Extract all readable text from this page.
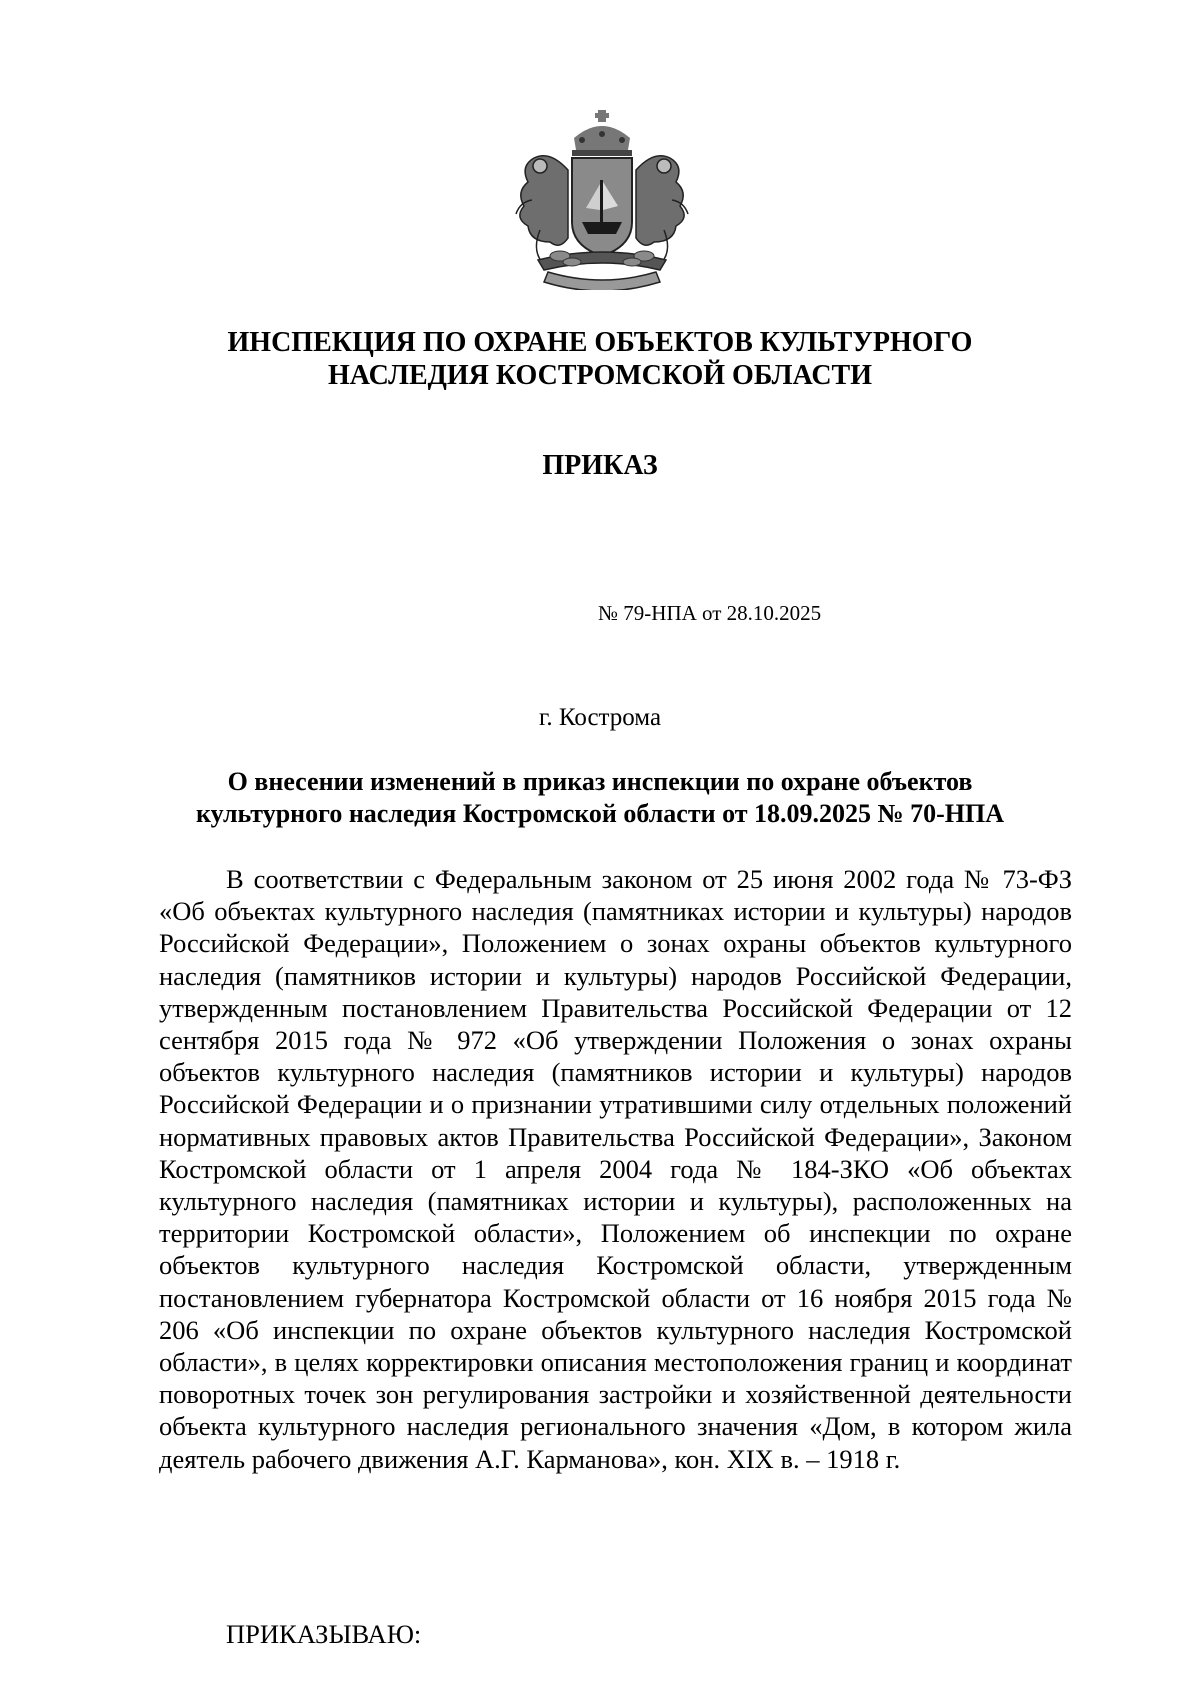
ИНСПЕКЦИЯ ПО ОХРАНЕ ОБЪЕКТОВ КУЛЬТУРНОГО
НАСЛЕДИЯ КОСТРОМСКОЙ ОБЛАСТИ
ПРИКАЗ

№ 79-НПА от 28.10.2025

г. Кострома

О внесении изменений в приказ инспекции по охране объектов
культурного наследия Костромской области от 18.09.2025 № 70-НПА

В соответствии с Федеральным законом от 25 июня 2002 года № 73-ФЗ «Об объектах культурного наследия (памятниках истории и культуры) народов Российской Федерации», Положением о зонах охраны объектов культурного наследия (памятников истории и культуры) народов Российской Федерации, утвержденным постановлением Правительства Российской Федерации от 12 сентября 2015 года № 972 «Об утверждении Положения о зонах охраны объектов культурного наследия (памятников истории и культуры) народов Российской Федерации и о признании утратившими силу отдельных положений нормативных правовых актов Правительства Российской Федерации», Законом Костромской области от 1 апреля 2004 года № 184-ЗКО «Об объектах культурного наследия (памятниках истории и культуры), расположенных на территории Костромской области», Положением об инспекции по охране объектов культурного наследия Костромской области, утвержденным постановлением губернатора Костромской области от 16 ноября 2015 года № 206 «Об инспекции по охране объектов культурного наследия Костромской области», в целях корректировки описания местоположения границ и координат поворотных точек зон регулирования застройки и хозяйственной деятельности объекта культурного наследия регионального значения «Дом, в котором жила деятель рабочего движения А.Г. Карманова», кон. XIX в. – 1918 г.

ПРИКАЗЫВАЮ:
